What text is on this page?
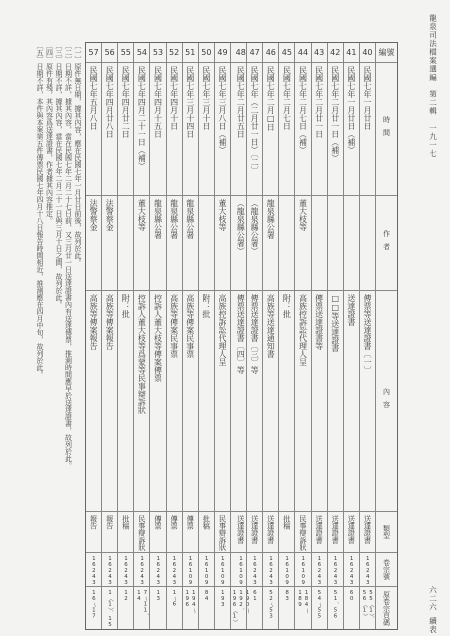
龍泉司法檔案選編
第二輯
一九一七
六二六
續表

〔一〕原件無日期，據其內容，應在民國七年一月廿日前後，故列於此。

〔二〕日期不詳，據其內容，當在民國七年二月二十七日前，又三月廿一日送達證書內有送達傳票，推測時間應早於送達證書，故列於此。

〔三〕日期不詳，據其內容，當在民國七年二月二十一日與三月十日之間，故列於此。

〔四〕原件有殘，其內容爲送達證書，作者據其內容推定。

〔五〕日期不詳，本件與本案第五件傳票民國七年四月十八日報告時間相近，推測應在四月中旬，故列於此。	編號
時間
作者
內容
類型
卷宗號
原卷宗頁碼
40
民國七年一月廿日
傳票等送達證書〔一〕
送達證書
16243
55（1）、56（1）
41
民國七年一月廿日（補）
送達證書
送達證書
16243
60
42
民國七年二月廿一日（補）
□□等送達證書
送達證書
16243
51、56
43
民國七年二月廿一日
傳票送達證書等
送達證書
16243
54～55
44
民國七年二月七日（補）
董大枝等
高族控訴訟代理人呈
民事辯訴狀
16109
184～189
45
民國七年二月七日
附：批
批稿
16109
83
46
民國七年二月□日
龍泉縣公署
高族等送達通知書
送達證書
16243
52～53
47
民國七年（二月廿一日）〔二〕
（龍泉縣公署）
傳票送達證書〔三〕等
送達證書
16243
61
48
民國七年二月廿五日
（龍泉縣公署）
傳票送達證書〔四〕等
送達證書
16109
190～192、196（1）
49
民國七年三月八日（補）
董大枝等
高族控訴訟代理人呈
民事辯訴狀
16109
193
50
民國七年三月十日
附：批
批稿
16109
84
51
民國七年三月十四日
龍泉縣公署
高族等傳案民事票
傳票
16109
194～196
52
民國七年四月十日
龍泉縣公署
高族等傳案民事票
傳票
16243
1～6
53
民國七年四月十五日
龍泉縣公署
控訴人董大枝等傳案傳票
傳票
16243
13
54
民國七年四月二十一日（補）
董大枝等
控訴人董大枝等爲蒙等民事辯訴狀
民事辯訴狀
16243
7～11、14
55
民國七年四月廿二日
附：批
批稿
16243
12
56
民國七年四月廿八日
法警蔡金
高族等傳案報告
報告
16243
1（1）、15
57
民國七年五月八日
法警蔡金
高族等傳案報告
報告
16243
16～17
